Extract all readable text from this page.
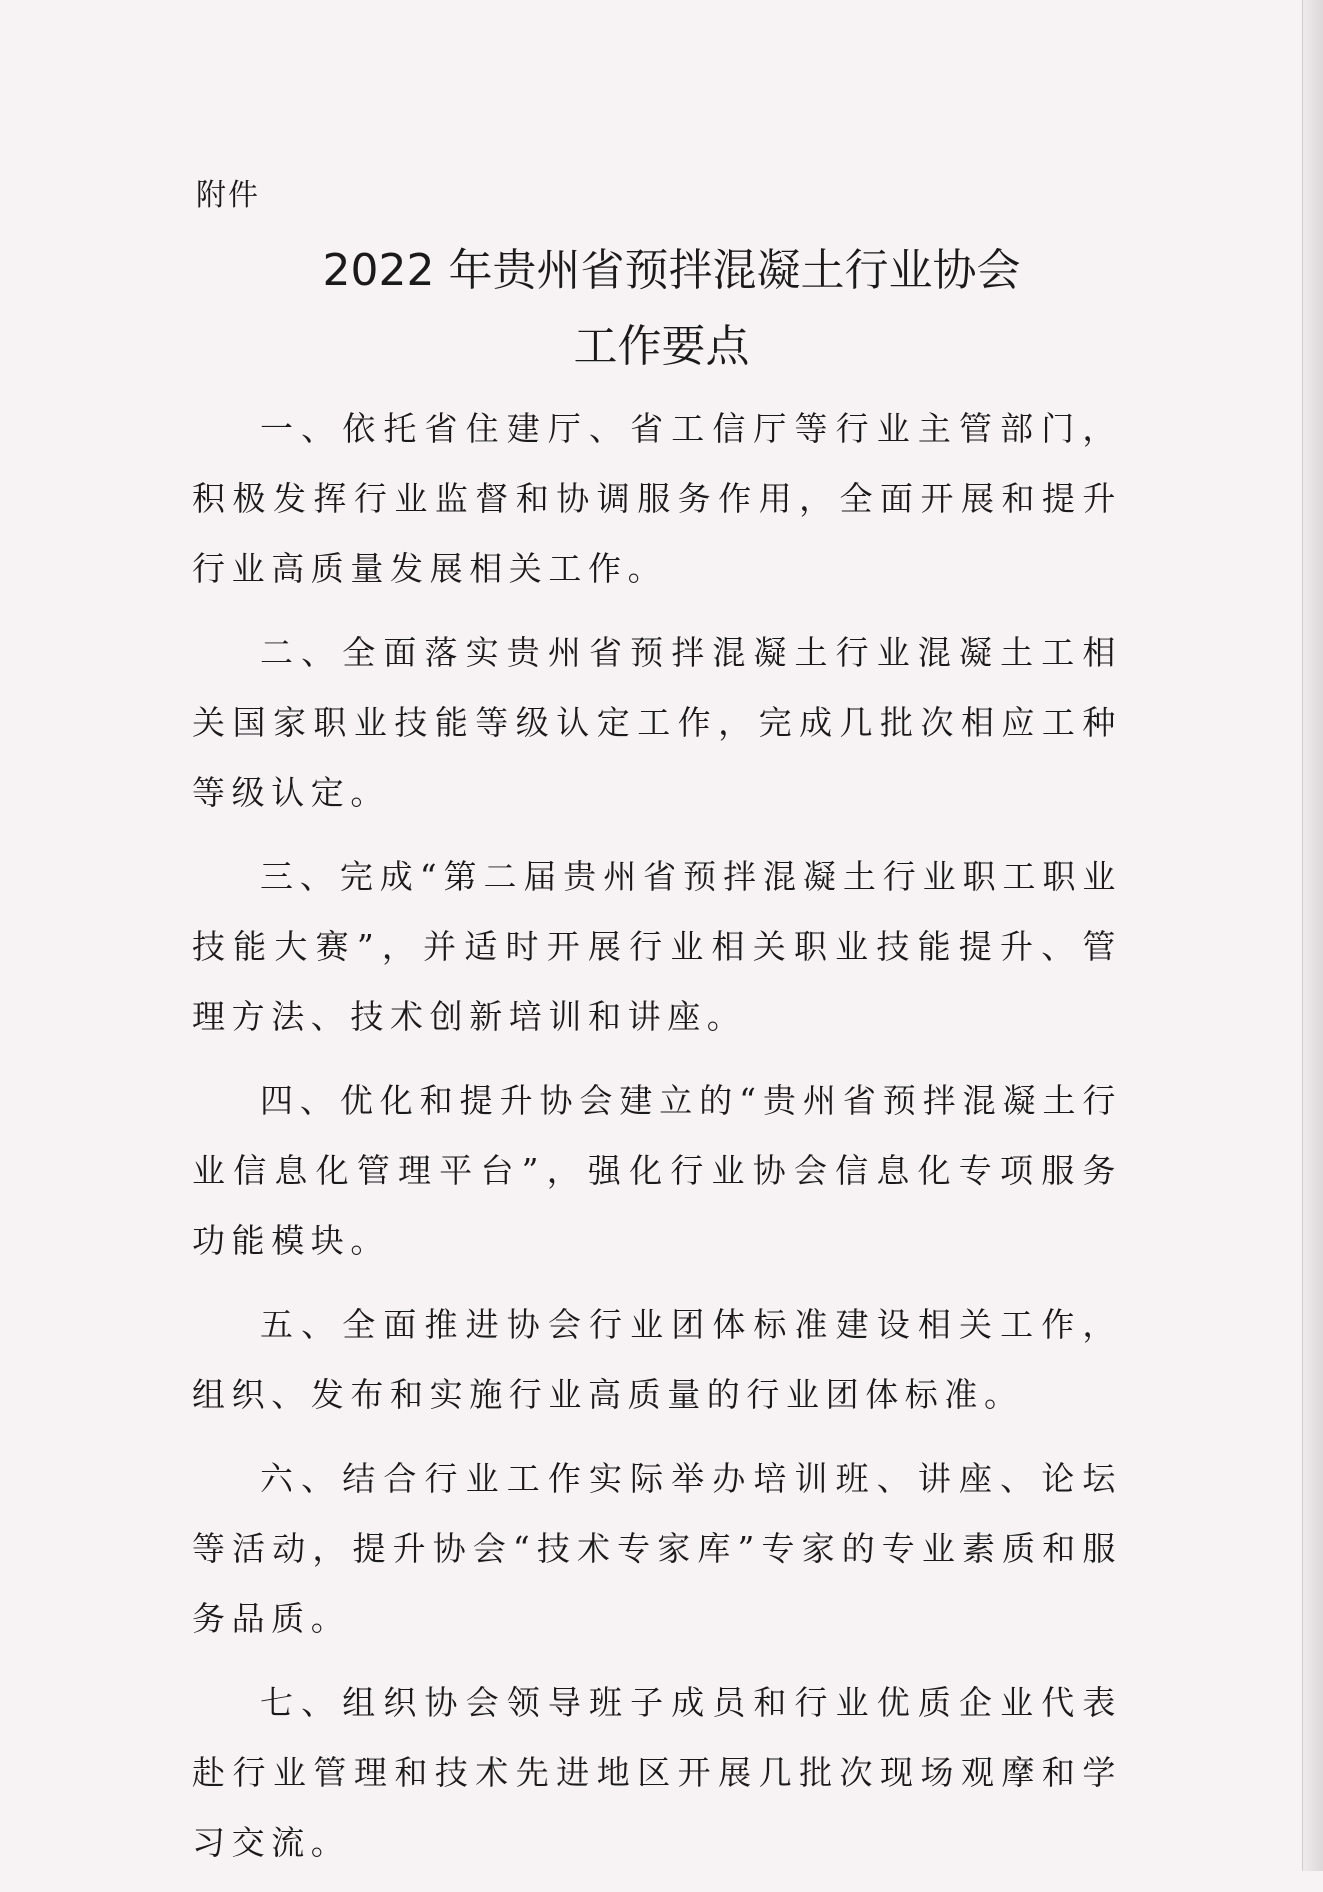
附件
2022 年贵州省预拌混凝土行业协会
工作要点

一、依托省住建厅、省工信厅等行业主管部门，积极发挥行业监督和协调服务作用，全面开展和提升行业高质量发展相关工作。

二、全面落实贵州省预拌混凝土行业混凝土工相关国家职业技能等级认定工作，完成几批次相应工种等级认定。

三、完成“第二届贵州省预拌混凝土行业职工职业技能大赛”，并适时开展行业相关职业技能提升、管理方法、技术创新培训和讲座。

四、优化和提升协会建立的“贵州省预拌混凝土行业信息化管理平台”，强化行业协会信息化专项服务功能模块。

五、全面推进协会行业团体标准建设相关工作，组织、发布和实施行业高质量的行业团体标准。

六、结合行业工作实际举办培训班、讲座、论坛等活动，提升协会“技术专家库”专家的专业素质和服务品质。

七、组织协会领导班子成员和行业优质企业代表赴行业管理和技术先进地区开展几批次现场观摩和学习交流。
